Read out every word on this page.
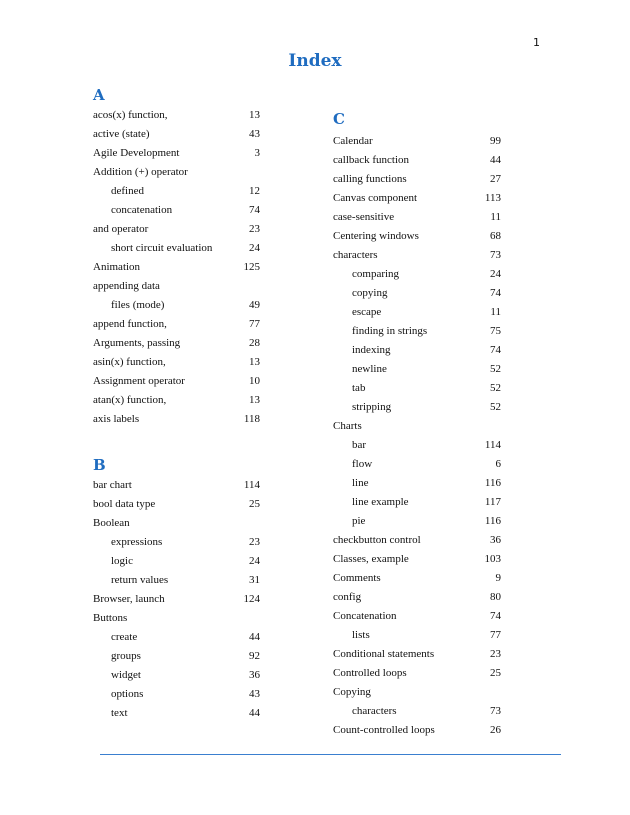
1
Index
A
acos(x) function,	13
active (state)	43
Agile Development	3
Addition (+) operator
defined	12
concatenation	74
and operator	23
short circuit evaluation	24
Animation	125
appending data
files (mode)	49
append function,	77
Arguments, passing	28
asin(x) function,	13
Assignment operator	10
atan(x) function,	13
axis labels	118
B
bar chart	114
bool data type	25
Boolean
expressions	23
logic	24
return values	31
Browser, launch	124
Buttons
create	44
groups	92
widget	36
options	43
text	44
C
Calendar	99
callback function	44
calling functions	27
Canvas component	113
case-sensitive	11
Centering windows	68
characters	73
comparing	24
copying	74
escape	11
finding in strings	75
indexing	74
newline	52
tab	52
stripping	52
Charts
bar	114
flow	6
line	116
line example	117
pie	116
checkbutton control	36
Classes, example	103
Comments	9
config	80
Concatenation	74
lists	77
Conditional statements	23
Controlled loops	25
Copying
characters	73
Count-controlled loops	26
